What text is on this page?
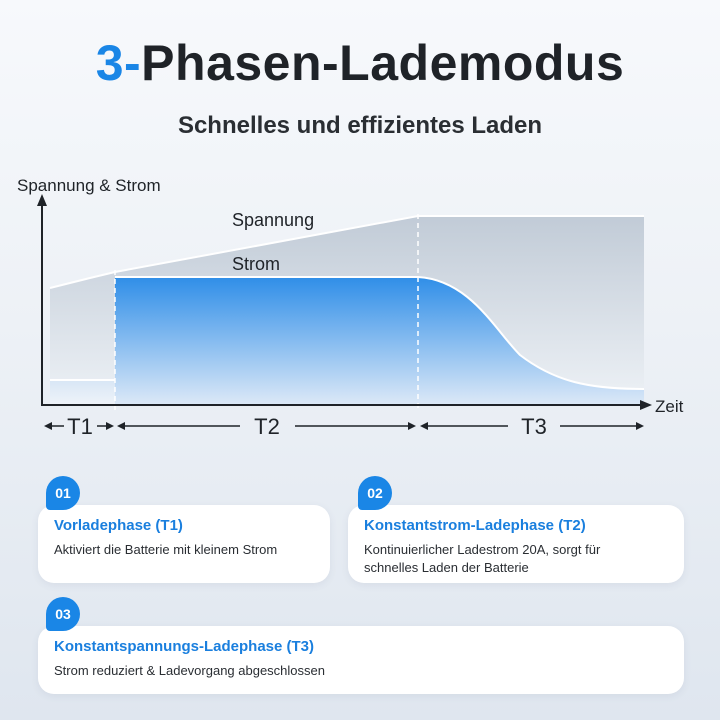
3-Phasen-Lademodus
Schnelles und effizientes Laden
Spannung & Strom
Zeit
Spannung
Strom
T1	T2	T3
Vorladephase (T1)
Aktiviert die Batterie mit kleinem Strom
01
Konstantstrom-Ladephase (T2)
Kontinuierlicher Ladestrom 20A, sorgt für schnelles Laden der Batterie
02
Konstantspannungs-Ladephase (T3)
Strom reduziert & Ladevorgang abgeschlossen
03
